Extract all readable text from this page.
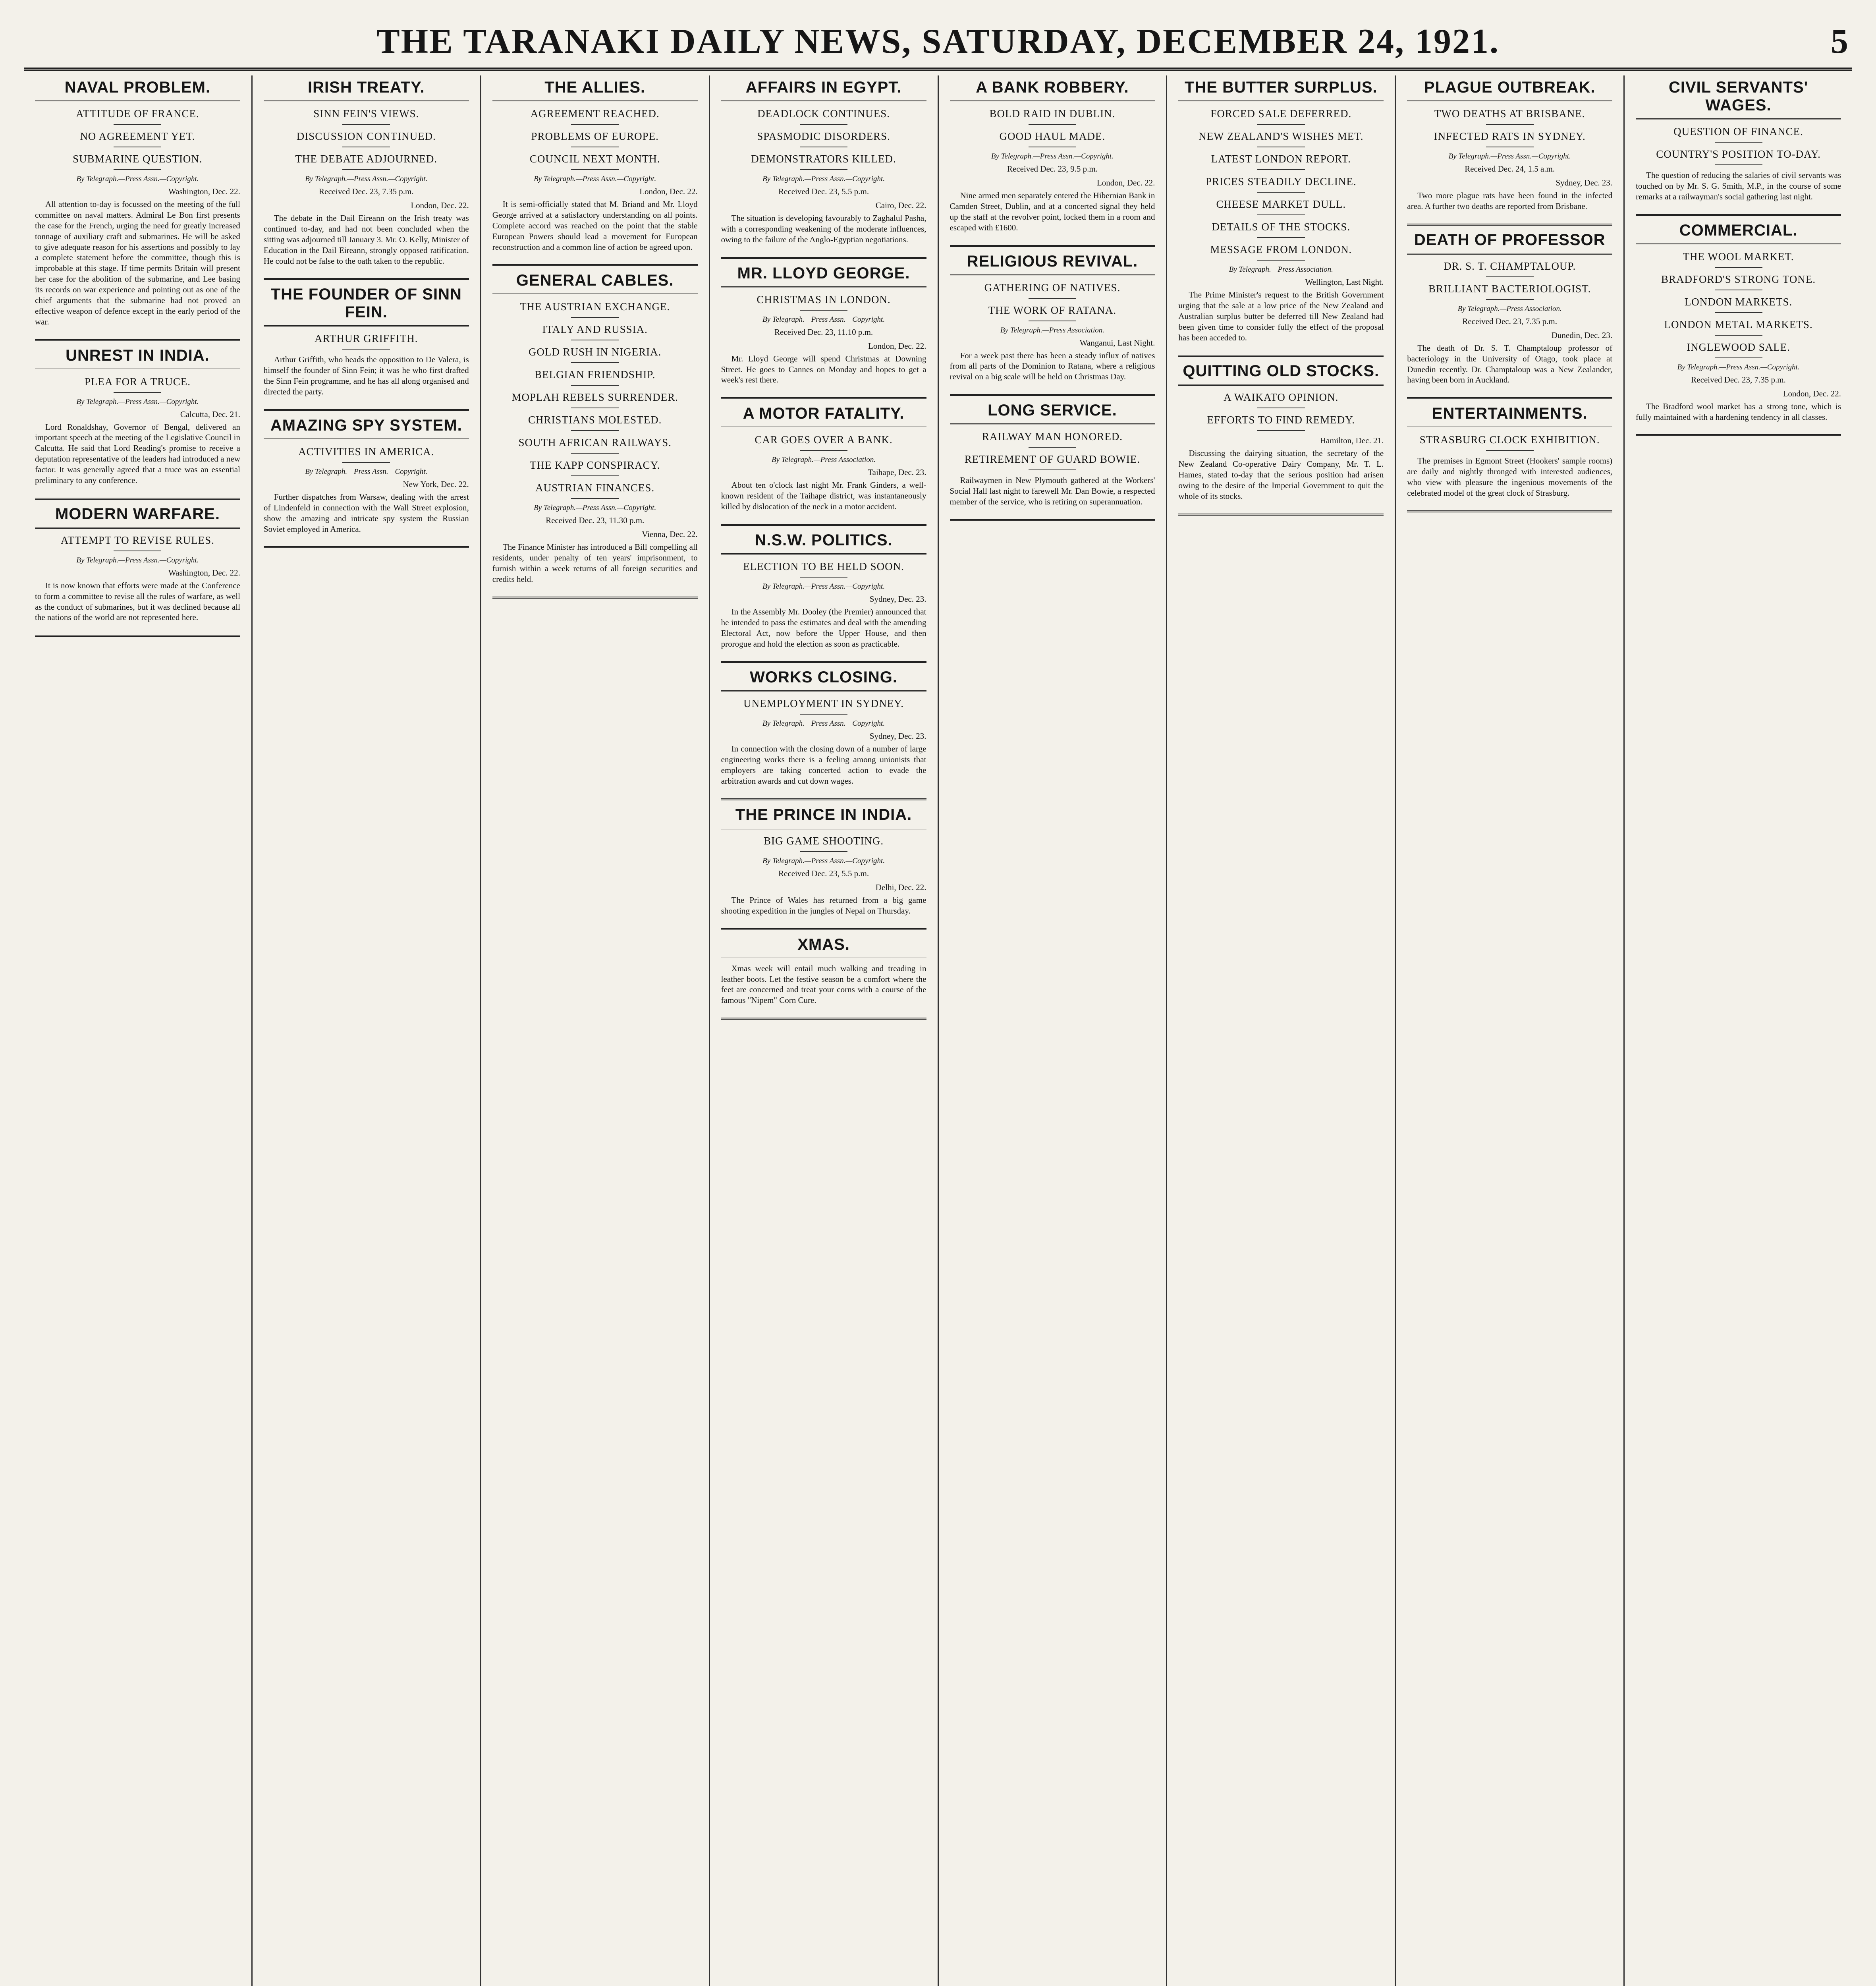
THE TARANAKI DAILY NEWS, SATURDAY, DECEMBER 24, 1921.	5
NAVAL PROBLEM.
ATTITUDE OF FRANCE.
NO AGREEMENT YET.
SUBMARINE QUESTION.
By Telegraph.—Press Assn.—Copyright.
Washington, Dec. 22.
All attention to-day is focussed on the meeting of the full committee on naval matters. Admiral Le Bon first presents the case for the French, urging the need for greatly increased tonnage of auxiliary craft and submarines. He will be asked to give adequate reason for his assertions and possibly to lay a complete statement before the committee, though this is improbable at this stage. If time permits Britain will present her case for the abolition of the submarine, and Lee basing its records on war experience and pointing out as one of the chief arguments that the submarine had not proved an effective weapon of defence except in the early period of the war.
UNREST IN INDIA.
PLEA FOR A TRUCE.
By Telegraph.—Press Assn.—Copyright.
Calcutta, Dec. 21.
Lord Ronaldshay, Governor of Bengal, delivered an important speech at the meeting of the Legislative Council in Calcutta. He said that Lord Reading's promise to receive a deputation representative of the leaders had introduced a new factor. It was generally agreed that a truce was an essential preliminary to any conference.
MODERN WARFARE.
ATTEMPT TO REVISE RULES.
By Telegraph.—Press Assn.—Copyright.
Washington, Dec. 22.
It is now known that efforts were made at the Conference to form a committee to revise all the rules of warfare, as well as the conduct of submarines, but it was declined because all the nations of the world are not represented here.
IRISH TREATY.
SINN FEIN'S VIEWS.
DISCUSSION CONTINUED.
THE DEBATE ADJOURNED.
By Telegraph.—Press Assn.—Copyright.
Received Dec. 23, 7.35 p.m.
London, Dec. 22.
The debate in the Dail Eireann on the Irish treaty was continued to-day, and had not been concluded when the sitting was adjourned till January 3. Mr. O. Kelly, Minister of Education in the Dail Eireann, strongly opposed ratification. He could not be false to the oath taken to the republic.
THE FOUNDER OF SINN FEIN.
ARTHUR GRIFFITH.
Arthur Griffith, who heads the opposition to De Valera, is himself the founder of Sinn Fein; it was he who first drafted the Sinn Fein programme, and he has all along organised and directed the party.
AMAZING SPY SYSTEM.
ACTIVITIES IN AMERICA.
By Telegraph.—Press Assn.—Copyright.
New York, Dec. 22.
Further dispatches from Warsaw, dealing with the arrest of Lindenfeld in connection with the Wall Street explosion, show the amazing and intricate spy system the Russian Soviet employed in America.
THE ALLIES.
AGREEMENT REACHED.
PROBLEMS OF EUROPE.
COUNCIL NEXT MONTH.
By Telegraph.—Press Assn.—Copyright.
London, Dec. 22.
It is semi-officially stated that M. Briand and Mr. Lloyd George arrived at a satisfactory understanding on all points. Complete accord was reached on the point that the stable European Powers should lead a movement for European reconstruction and a common line of action be agreed upon.
GENERAL CABLES.
THE AUSTRIAN EXCHANGE.
ITALY AND RUSSIA.
GOLD RUSH IN NIGERIA.
BELGIAN FRIENDSHIP.
MOPLAH REBELS SURRENDER.
CHRISTIANS MOLESTED.
SOUTH AFRICAN RAILWAYS.
THE KAPP CONSPIRACY.
AUSTRIAN FINANCES.
By Telegraph.—Press Assn.—Copyright.
Received Dec. 23, 11.30 p.m.
Vienna, Dec. 22.
The Finance Minister has introduced a Bill compelling all residents, under penalty of ten years' imprisonment, to furnish within a week returns of all foreign securities and credits held.
AFFAIRS IN EGYPT.
DEADLOCK CONTINUES.
SPASMODIC DISORDERS.
DEMONSTRATORS KILLED.
By Telegraph.—Press Assn.—Copyright.
Received Dec. 23, 5.5 p.m.
Cairo, Dec. 22.
The situation is developing favourably to Zaghalul Pasha, with a corresponding weakening of the moderate influences, owing to the failure of the Anglo-Egyptian negotiations.
MR. LLOYD GEORGE.
CHRISTMAS IN LONDON.
By Telegraph.—Press Assn.—Copyright.
Received Dec. 23, 11.10 p.m.
London, Dec. 22.
Mr. Lloyd George will spend Christmas at Downing Street. He goes to Cannes on Monday and hopes to get a week's rest there.
A MOTOR FATALITY.
CAR GOES OVER A BANK.
By Telegraph.—Press Association.
Taihape, Dec. 23.
About ten o'clock last night Mr. Frank Ginders, a well-known resident of the Taihape district, was instantaneously killed by dislocation of the neck in a motor accident.
N.S.W. POLITICS.
ELECTION TO BE HELD SOON.
By Telegraph.—Press Assn.—Copyright.
Sydney, Dec. 23.
In the Assembly Mr. Dooley (the Premier) announced that he intended to pass the estimates and deal with the amending Electoral Act, now before the Upper House, and then prorogue and hold the election as soon as practicable.
WORKS CLOSING.
UNEMPLOYMENT IN SYDNEY.
By Telegraph.—Press Assn.—Copyright.
Sydney, Dec. 23.
In connection with the closing down of a number of large engineering works there is a feeling among unionists that employers are taking concerted action to evade the arbitration awards and cut down wages.
THE PRINCE IN INDIA.
BIG GAME SHOOTING.
By Telegraph.—Press Assn.—Copyright.
Received Dec. 23, 5.5 p.m.
Delhi, Dec. 22.
The Prince of Wales has returned from a big game shooting expedition in the jungles of Nepal on Thursday.
XMAS.
Xmas week will entail much walking and treading in leather boots. Let the festive season be a comfort where the feet are concerned and treat your corns with a course of the famous "Nipem" Corn Cure.
A BANK ROBBERY.
BOLD RAID IN DUBLIN.
GOOD HAUL MADE.
By Telegraph.—Press Assn.—Copyright.
Received Dec. 23, 9.5 p.m.
London, Dec. 22.
Nine armed men separately entered the Hibernian Bank in Camden Street, Dublin, and at a concerted signal they held up the staff at the revolver point, locked them in a room and escaped with £1600.
RELIGIOUS REVIVAL.
GATHERING OF NATIVES.
THE WORK OF RATANA.
By Telegraph.—Press Association.
Wanganui, Last Night.
For a week past there has been a steady influx of natives from all parts of the Dominion to Ratana, where a religious revival on a big scale will be held on Christmas Day.
LONG SERVICE.
RAILWAY MAN HONORED.
RETIREMENT OF GUARD BOWIE.
Railwaymen in New Plymouth gathered at the Workers' Social Hall last night to farewell Mr. Dan Bowie, a respected member of the service, who is retiring on superannuation.
THE BUTTER SURPLUS.
FORCED SALE DEFERRED.
NEW ZEALAND'S WISHES MET.
LATEST LONDON REPORT.
PRICES STEADILY DECLINE.
CHEESE MARKET DULL.
DETAILS OF THE STOCKS.
MESSAGE FROM LONDON.
By Telegraph.—Press Association.
Wellington, Last Night.
The Prime Minister's request to the British Government urging that the sale at a low price of the New Zealand and Australian surplus butter be deferred till New Zealand had been given time to consider fully the effect of the proposal has been acceded to.
QUITTING OLD STOCKS.
A WAIKATO OPINION.
EFFORTS TO FIND REMEDY.
Hamilton, Dec. 21.
Discussing the dairying situation, the secretary of the New Zealand Co-operative Dairy Company, Mr. T. L. Hames, stated to-day that the serious position had arisen owing to the desire of the Imperial Government to quit the whole of its stocks.
PLAGUE OUTBREAK.
TWO DEATHS AT BRISBANE.
INFECTED RATS IN SYDNEY.
By Telegraph.—Press Assn.—Copyright.
Received Dec. 24, 1.5 a.m.
Sydney, Dec. 23.
Two more plague rats have been found in the infected area. A further two deaths are reported from Brisbane.
DEATH OF PROFESSOR
DR. S. T. CHAMPTALOUP.
BRILLIANT BACTERIOLOGIST.
By Telegraph.—Press Association.
Received Dec. 23, 7.35 p.m.
Dunedin, Dec. 23.
The death of Dr. S. T. Champtaloup professor of bacteriology in the University of Otago, took place at Dunedin recently. Dr. Champtaloup was a New Zealander, having been born in Auckland.
ENTERTAINMENTS.
STRASBURG CLOCK EXHIBITION.
The premises in Egmont Street (Hookers' sample rooms) are daily and nightly thronged with interested audiences, who view with pleasure the ingenious movements of the celebrated model of the great clock of Strasburg.
CIVIL SERVANTS' WAGES.
QUESTION OF FINANCE.
COUNTRY'S POSITION TO-DAY.
The question of reducing the salaries of civil servants was touched on by Mr. S. G. Smith, M.P., in the course of some remarks at a railwayman's social gathering last night.
COMMERCIAL.
THE WOOL MARKET.
BRADFORD'S STRONG TONE.
LONDON MARKETS.
LONDON METAL MARKETS.
INGLEWOOD SALE.
By Telegraph.—Press Assn.—Copyright.
Received Dec. 23, 7.35 p.m.
London, Dec. 22.
The Bradford wool market has a strong tone, which is fully maintained with a hardening tendency in all classes.
